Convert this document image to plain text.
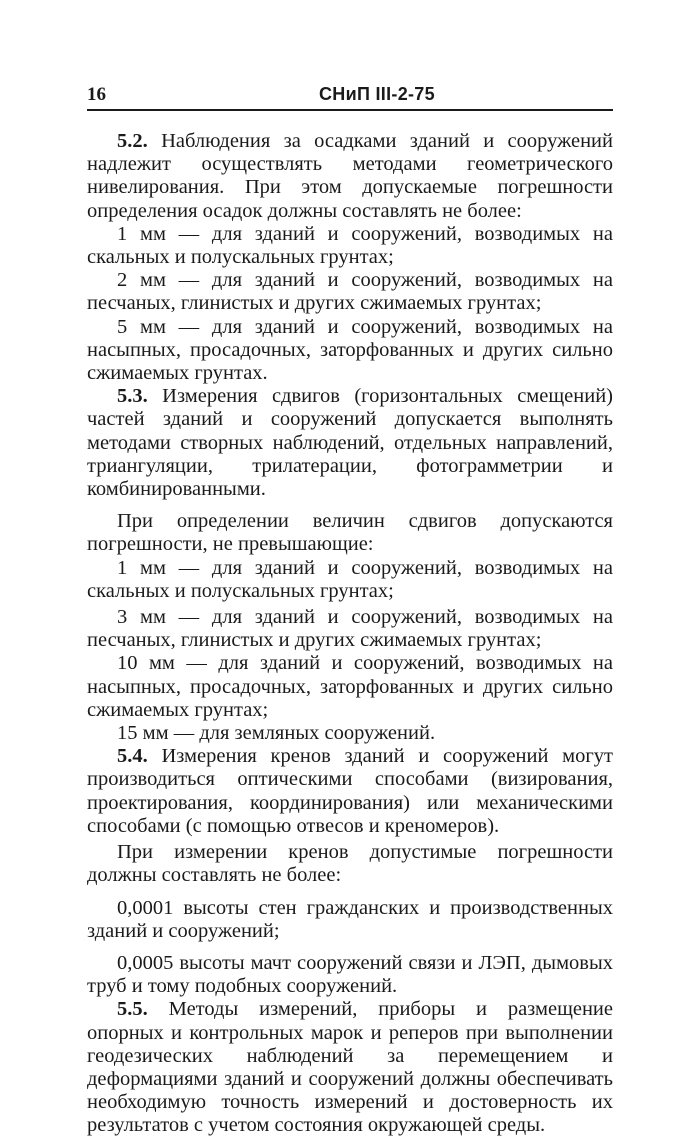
16	СНиП III-2-75

5.2. Наблюдения за осадками зданий и сооружений надлежит осуществлять методами геометрического нивелирования. При этом допускаемые погрешности определения осадок должны составлять не более:

1 мм — для зданий и сооружений, возводимых на скальных и полускальных грунтах;

2 мм — для зданий и сооружений, возводимых на песчаных, глинистых и других сжимаемых грунтах;

5 мм — для зданий и сооружений, возводимых на насыпных, просадочных, заторфованных и других сильно сжимаемых грунтах.

5.3. Измерения сдвигов (горизонтальных смещений) частей зданий и сооружений допускается выполнять методами створных наблюдений, отдельных направлений, триангуляции, трилатерации, фотограмметрии и комбинированными.

При определении величин сдвигов допускаются погрешности, не превышающие:

1 мм — для зданий и сооружений, возводимых на скальных и полускальных грунтах;

3 мм — для зданий и сооружений, возводимых на песчаных, глинистых и других сжимаемых грунтах;

10 мм — для зданий и сооружений, возводимых на насыпных, просадочных, заторфованных и других сильно сжимаемых грунтах;

15 мм — для земляных сооружений.

5.4. Измерения кренов зданий и сооружений могут производиться оптическими способами (визирования, проектирования, координирования) или механическими способами (с помощью отвесов и креномеров).

При измерении кренов допустимые погрешности должны составлять не более:

0,0001 высоты стен гражданских и производственных зданий и сооружений;

0,0005 высоты мачт сооружений связи и ЛЭП, дымовых труб и тому подобных сооружений.

5.5. Методы измерений, приборы и размещение опорных и контрольных марок и реперов при выполнении геодезических наблюдений за перемещением и деформациями зданий и сооружений должны обеспечивать необходимую точность измерений и достоверность их результатов с учетом состояния окружающей среды.
